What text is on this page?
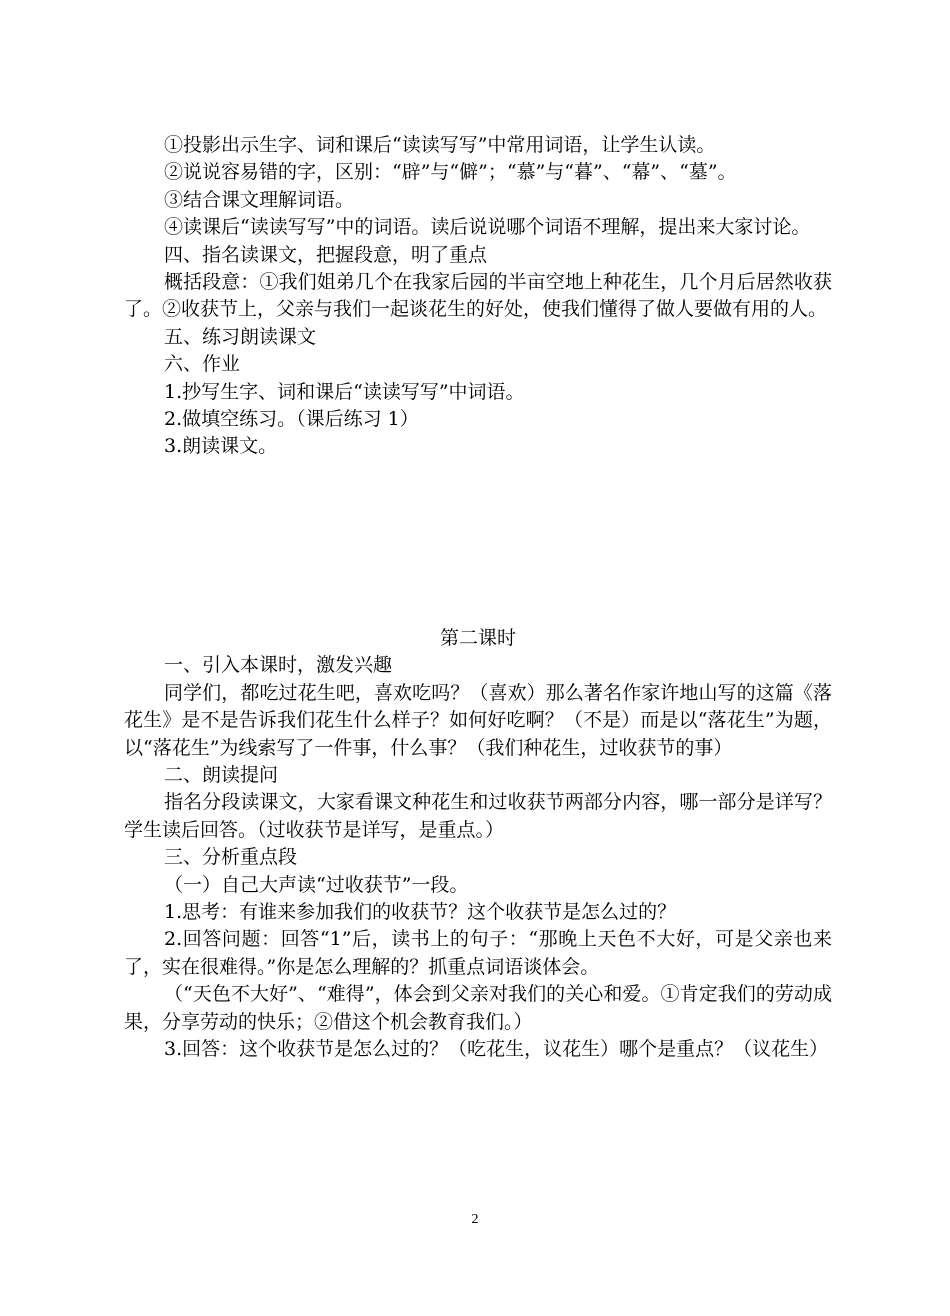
①投影出示生字、词和课后“读读写写”中常用词语，让学生认读。

②说说容易错的字，区别：“辟”与“僻”；“慕”与“暮”、“幕”、“墓”。

③结合课文理解词语。

④读课后“读读写写”中的词语。读后说说哪个词语不理解，提出来大家讨论。

四、指名读课文，把握段意，明了重点

概括段意：①我们姐弟几个在我家后园的半亩空地上种花生，几个月后居然收获了。②收获节上，父亲与我们一起谈花生的好处，使我们懂得了做人要做有用的人。

五、练习朗读课文

六、作业

1.抄写生字、词和课后“读读写写”中词语。

2.做填空练习。（课后练习 1）

3.朗读课文。

第二课时

一、引入本课时，激发兴趣

同学们，都吃过花生吧，喜欢吃吗？（喜欢）那么著名作家许地山写的这篇《落花生》是不是告诉我们花生什么样子？如何好吃啊？（不是）而是以“落花生”为题，以“落花生”为线索写了一件事，什么事？（我们种花生，过收获节的事）

二、朗读提问

指名分段读课文，大家看课文种花生和过收获节两部分内容，哪一部分是详写？学生读后回答。（过收获节是详写，是重点。）

三、分析重点段

（一）自己大声读“过收获节”一段。

1.思考：有谁来参加我们的收获节？这个收获节是怎么过的？

2.回答问题：回答“1”后，读书上的句子：“那晚上天色不大好，可是父亲也来了，实在很难得。”你是怎么理解的？抓重点词语谈体会。

（“天色不大好”、“难得”，体会到父亲对我们的关心和爱。①肯定我们的劳动成果，分享劳动的快乐；②借这个机会教育我们。）

3.回答：这个收获节是怎么过的？（吃花生，议花生）哪个是重点？（议花生）

2
